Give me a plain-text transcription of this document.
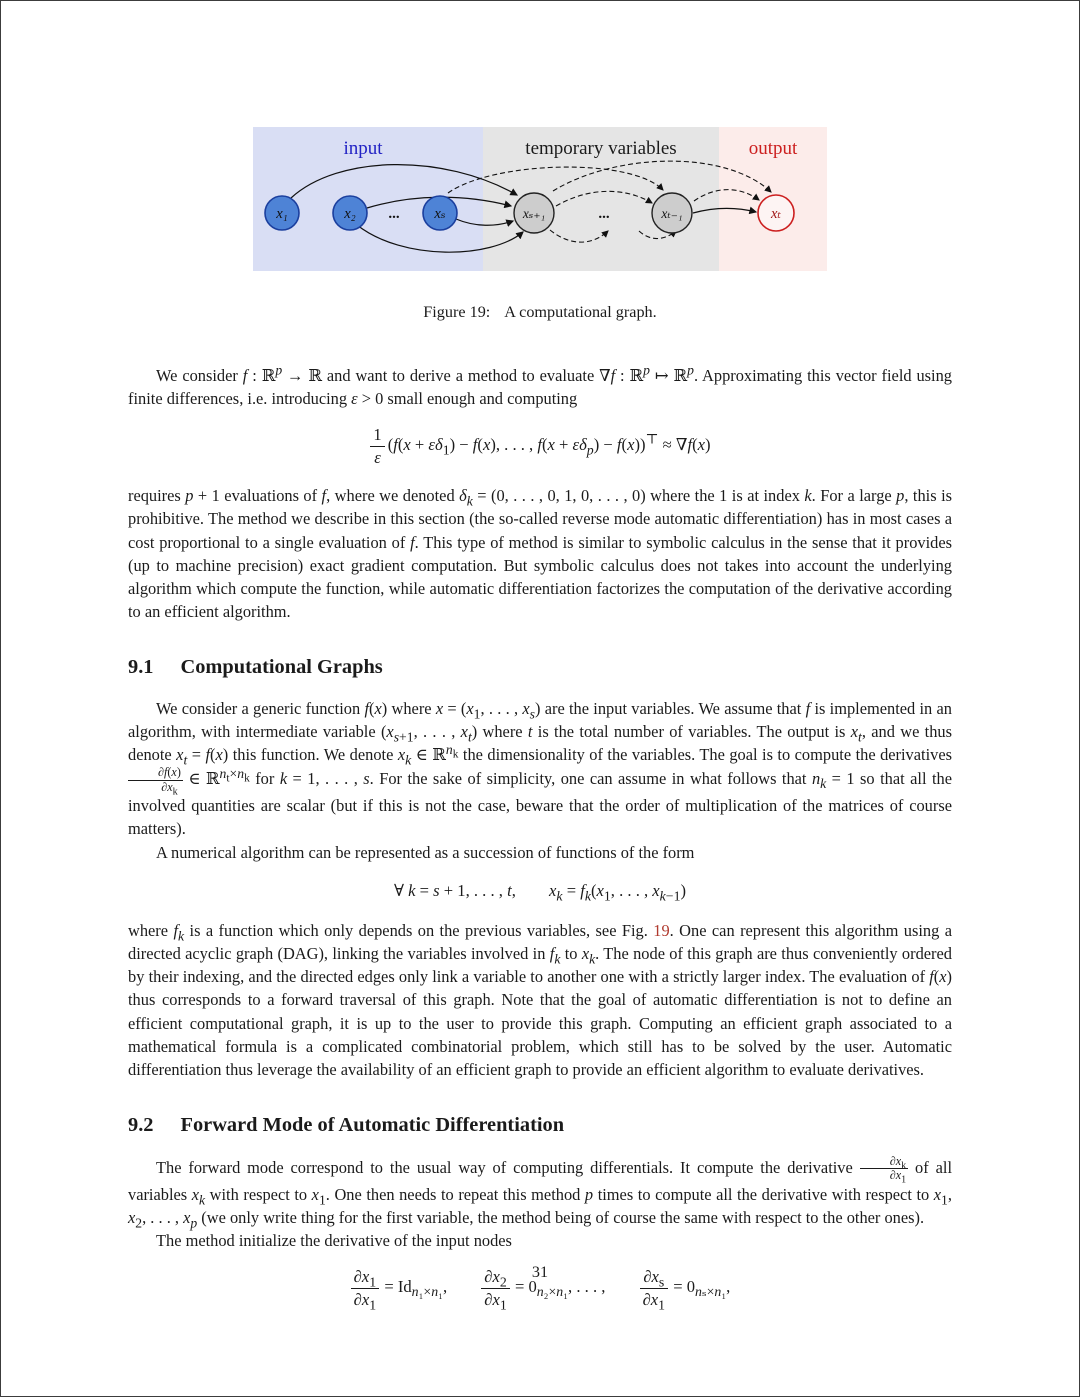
input	temporary variables	output
x₁	x₂ ... xₛ	xₛ₊₁	...	xₜ₋₁	xₜ
Figure 19: A computational graph.

We consider f : ℝ$^p$ → ℝ and want to derive a method to evaluate ∇f : ℝ$^p$ ↦ ℝ$^p$. Approximating this vector field using finite differences, i.e. introducing ε > 0 small enough and computing

$\frac{1}{\varepsilon} (f(x + \varepsilon\delta_1) - f(x)$, . . . , $f(x + \varepsilon\delta_p) - f(x))^⊤ \approx \nabla f(x)$

requires p + 1 evaluations of f, where we denoted $\delta_k = (0$, . . . , 0, 1, 0, . . . , 0) where the 1 is at index k. For a large p, this is prohibitive. The method we describe in this section (the so-called reverse mode automatic differentiation) has in most cases a cost proportional to a single evaluation of f. This type of method is similar to symbolic calculus in the sense that it provides (up to machine precision) exact gradient computation. But symbolic calculus does not takes into account the underlying algorithm which compute the function, while automatic differentiation factorizes the computation of the derivative according to an efficient algorithm.

9.1 Computational Graphs

We consider a generic function f(x) where $x = (x_1$, . . . , $x_s$) are the input variables. We assume that f is implemented in an algorithm, with intermediate variable ($x_{s+1}$, . . . , $x_t$) where t is the total number of variables. The output is $x_t$, and we thus denote $x_t = f(x)$ this function. We denote $x_k$ ∈ ℝ$^{n_k}$ the dimensionality of the variables. The goal is to compute the derivatives
$\frac{\partial f(x)}{\partial x_k}$ ∈ ℝ$^{n_t\times n_k}$ for k = 1, . . . , s. For the sake of simplicity, one can assume in what follows that $n_k = 1$ so that all the involved quantities are scalar (but if this is not the case, beware that the order of multiplication of the matrices of course matters).

A numerical algorithm can be represented as a succession of functions of the form

∀ k = s + 1, . . . , t,  $x_k = f_k(x_1$, . . . , $x_{k-1}$)

where $f_k$ is a function which only depends on the previous variables, see Fig. 19. One can represent this algorithm using a directed acyclic graph (DAG), linking the variables involved in $f_k$ to $x_k$. The node of this graph are thus conveniently ordered by their indexing, and the directed edges only link a variable to another one with a strictly larger index. The evaluation of f(x) thus corresponds to a forward traversal of this graph. Note that the goal of automatic differentiation is not to define an efficient computational graph, it is up to the user to provide this graph. Computing an efficient graph associated to a mathematical formula is a complicated combinatorial problem, which still has to be solved by the user. Automatic differentiation thus leverage the availability of an efficient graph to provide an efficient algorithm to evaluate derivatives.

9.2 Forward Mode of Automatic Differentiation

The forward mode correspond to the usual way of computing differentials. It compute the derivative $\frac{\partial x_k}{\partial x_1}$ of all variables $x_k$ with respect to $x_1$. One then needs to repeat this method p times to compute all the derivative with respect to $x_1$, $x_2$, . . . , $x_p$ (we only write thing for the first variable, the method being of course the same with respect to the other ones).

The method initialize the derivative of the input nodes

$\frac{\partial x_1}{\partial x_1} = Id_{n_1\times n_1}$,   $\frac{\partial x_2}{\partial x_1} = 0_{n_2\times n_1}$, . . . ,   $\frac{\partial x_s}{\partial x_1} = 0_{n_s\times n_1}$,
31
